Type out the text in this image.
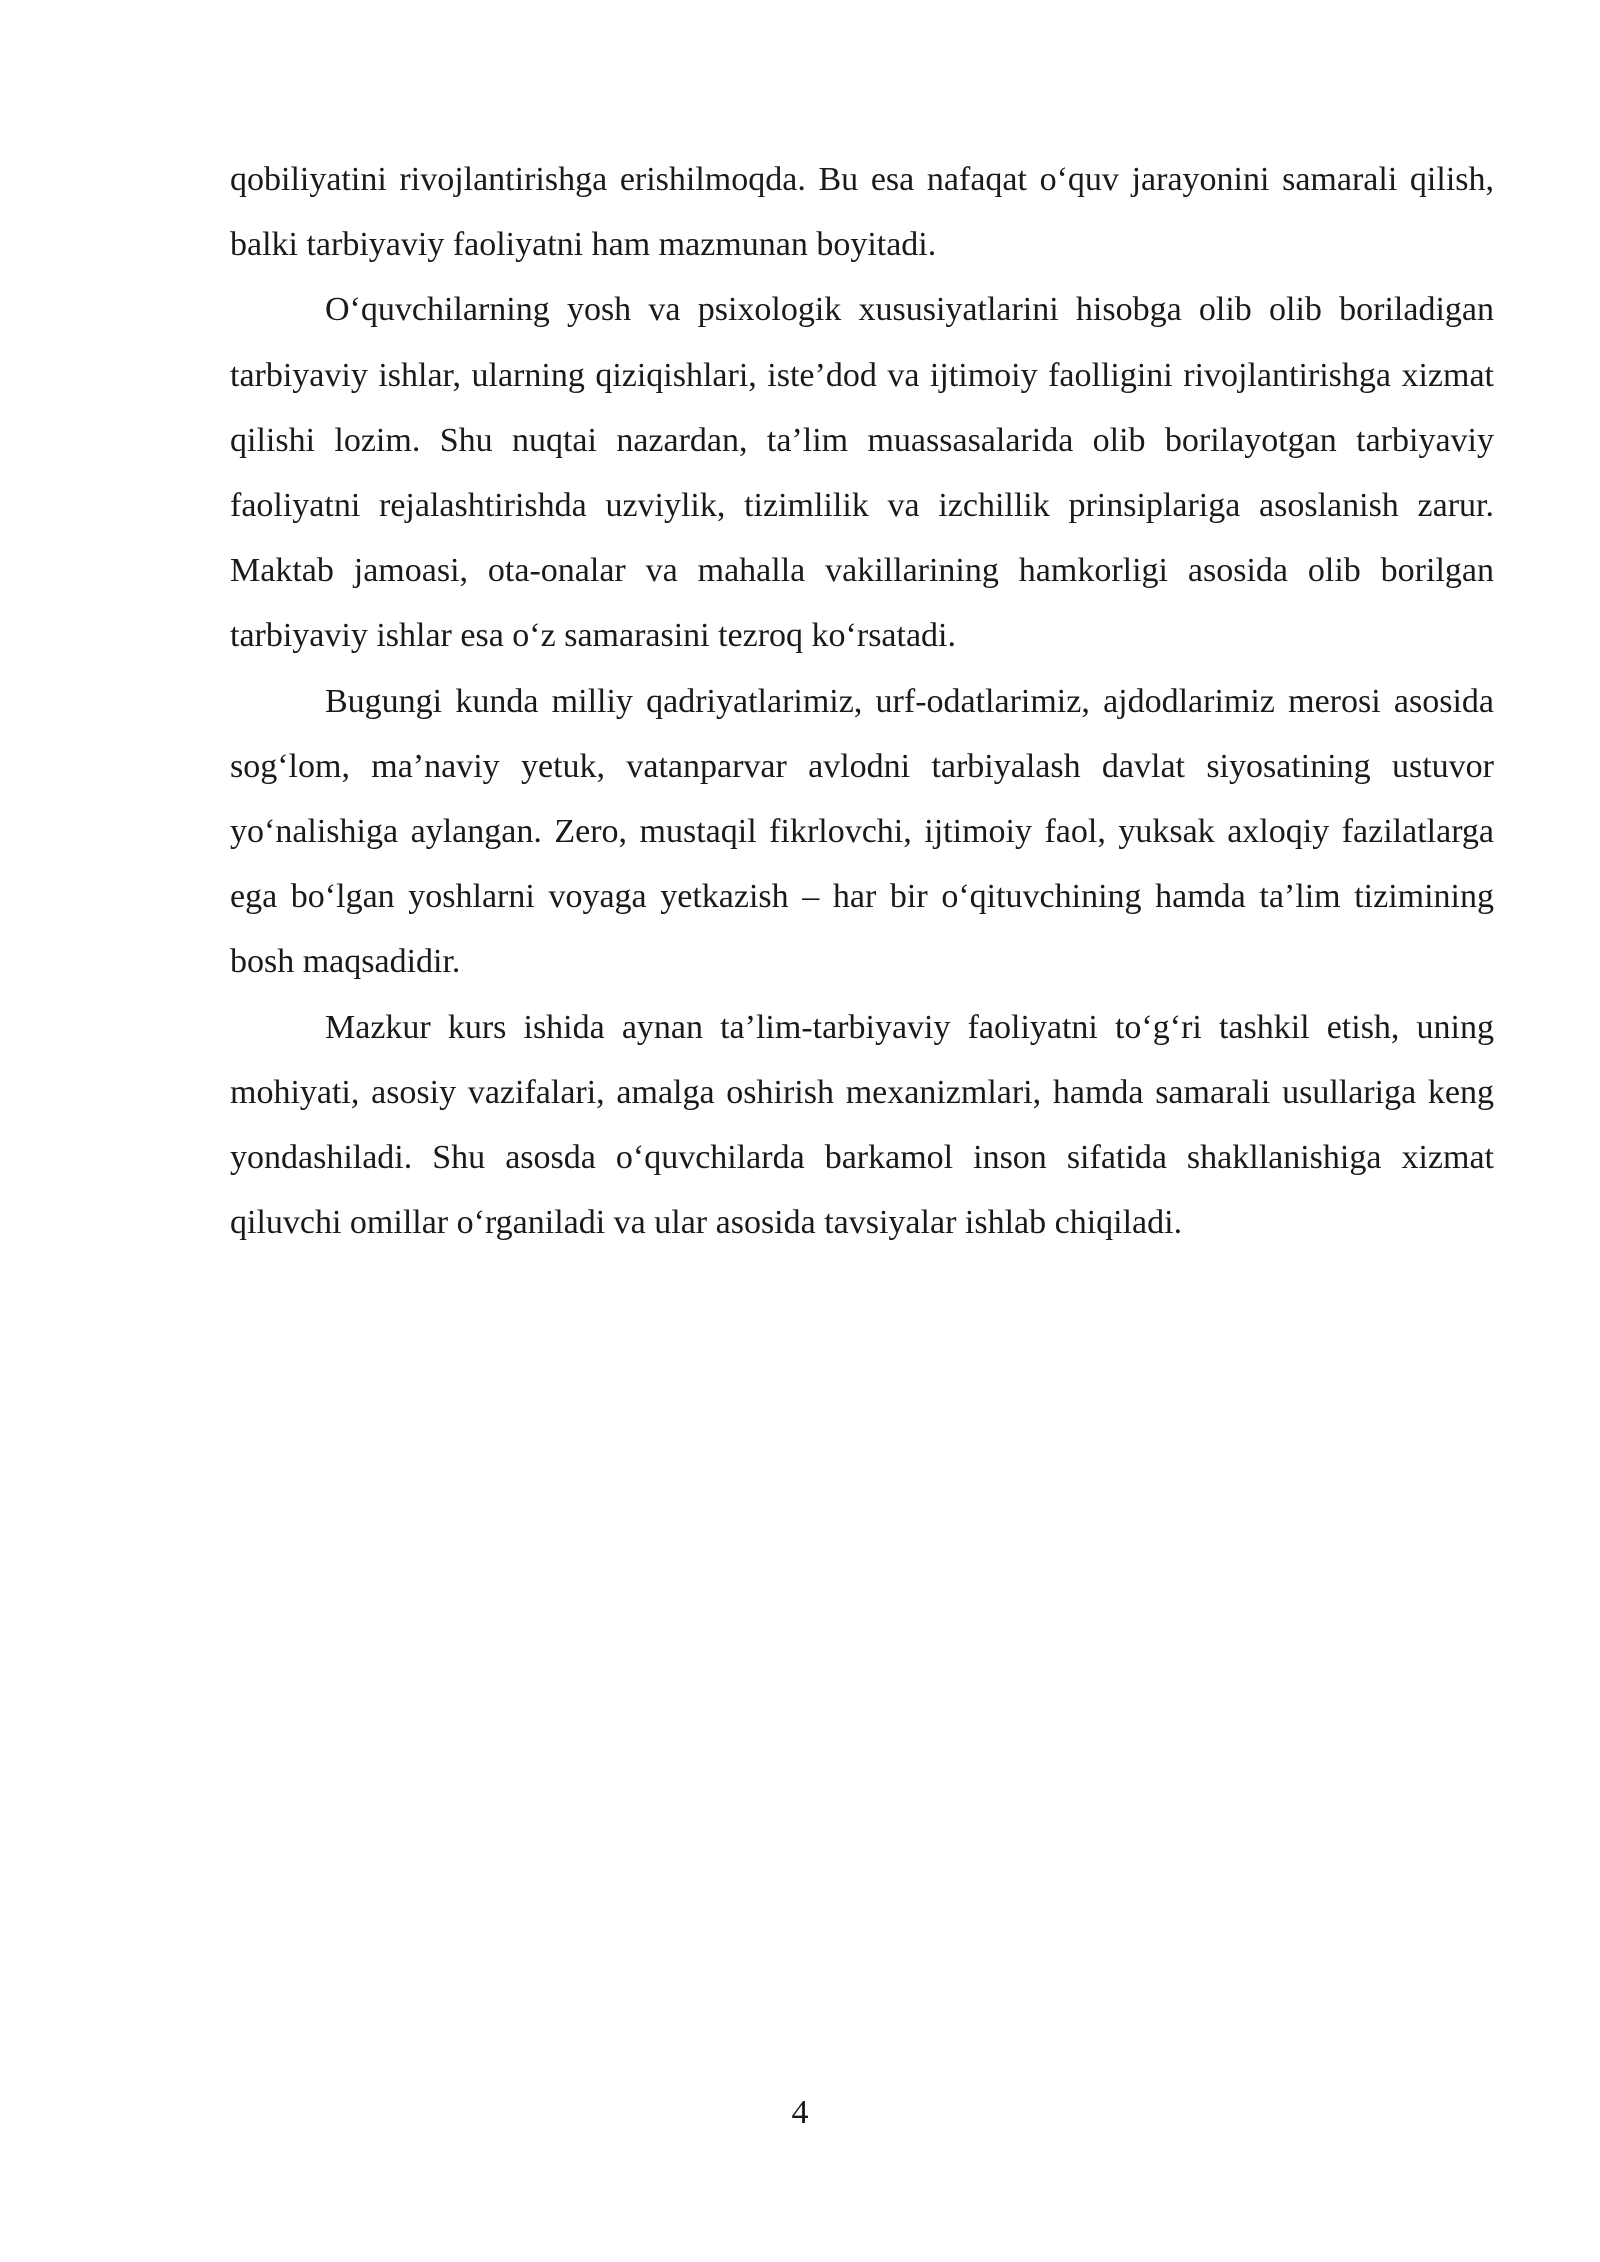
qobiliyatini rivojlantirishga erishilmoqda. Bu esa nafaqat o‘quv jarayonini samarali qilish, balki tarbiyaviy faoliyatni ham mazmunan boyitadi.

O‘quvchilarning yosh va psixologik xususiyatlarini hisobga olib olib boriladigan tarbiyaviy ishlar, ularning qiziqishlari, iste’dod va ijtimoiy faolligini rivojlantirishga xizmat qilishi lozim. Shu nuqtai nazardan, ta’lim muassasalarida olib borilayotgan tarbiyaviy faoliyatni rejalashtirishda uzviylik, tizimlilik va izchillik prinsiplariga asoslanish zarur. Maktab jamoasi, ota-onalar va mahalla vakillarining hamkorligi asosida olib borilgan tarbiyaviy ishlar esa o‘z samarasini tezroq ko‘rsatadi.

Bugungi kunda milliy qadriyatlarimiz, urf-odatlarimiz, ajdodlarimiz merosi asosida sog‘lom, ma’naviy yetuk, vatanparvar avlodni tarbiyalash davlat siyosatining ustuvor yo‘nalishiga aylangan. Zero, mustaqil fikrlovchi, ijtimoiy faol, yuksak axloqiy fazilatlarga ega bo‘lgan yoshlarni voyaga yetkazish – har bir o‘qituvchining hamda ta’lim tizimining bosh maqsadidir.

Mazkur kurs ishida aynan ta’lim-tarbiyaviy faoliyatni to‘g‘ri tashkil etish, uning mohiyati, asosiy vazifalari, amalga oshirish mexanizmlari, hamda samarali usullariga keng yondashiladi. Shu asosda o‘quvchilarda barkamol inson sifatida shakllanishiga xizmat qiluvchi omillar o‘rganiladi va ular asosida tavsiyalar ishlab chiqiladi.

4
